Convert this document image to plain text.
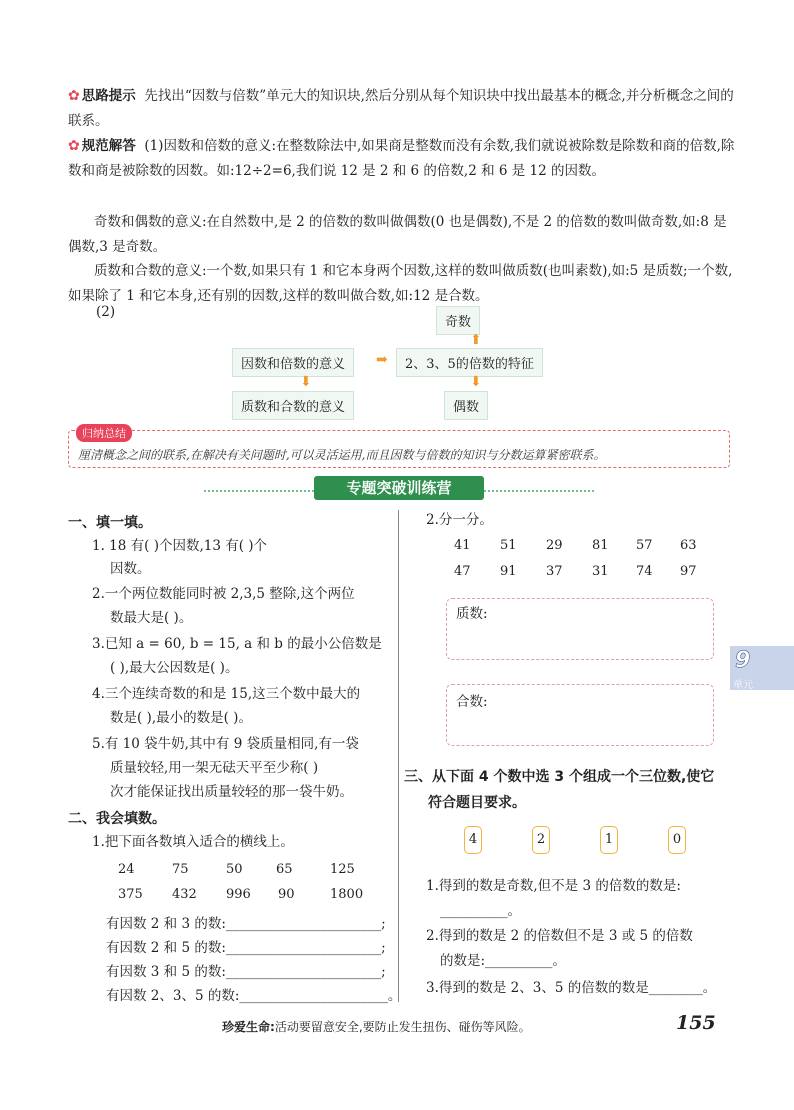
✿ 思路提示 先找出“因数与倍数”单元大的知识块,然后分别从每个知识块中找出最基本的概念,并分析概念之间的联系。
✿ 规范解答 (1)因数和倍数的意义:在整数除法中,如果商是整数而没有余数,我们就说被除数是除数和商的倍数,除数和商是被除数的因数。如:12÷2=6,我们说 12 是 2 和 6 的倍数,2 和 6 是 12 的因数。
奇数和偶数的意义:在自然数中,是 2 的倍数的数叫做偶数(0 也是偶数),不是 2 的倍数的数叫做奇数,如:8 是偶数,3 是奇数。
质数和合数的意义:一个数,如果只有 1 和它本身两个因数,这样的数叫做质数(也叫素数),如:5 是质数;一个数,如果除了 1 和它本身,还有别的因数,这样的数叫做合数,如:12 是合数。
(2)
奇数
⬆
因数和倍数的意义	➡	2、3、5的倍数的特征
⬇	⬇
质数和合数的意义	偶数
归纳总结
厘清概念之间的联系,在解决有关问题时,可以灵活运用,而且因数与倍数的知识与分数运算紧密联系。
专题突破训练营
一、填一填。
1. 18 有( )个因数,13 有( )个
因数。
2.一个两位数能同时被 2,3,5 整除,这个两位
数最大是( )。
3.已知 a = 60, b = 15, a 和 b 的最小公倍数是
( ),最大公因数是( )。
4.三个连续奇数的和是 15,这三个数中最大的
数是( ),最小的数是( )。
5.有 10 袋牛奶,其中有 9 袋质量相同,有一袋
质量较轻,用一架无砝天平至少称( )
次才能保证找出质量较轻的那一袋牛奶。
二、我会填数。
1.把下面各数填入适合的横线上。
24	75	50	65	125
375 432 996 90	1800
有因数 2 和 3 的数:_______________________;
有因数 2 和 5 的数:_______________________;
有因数 3 和 5 的数:_______________________;
有因数 2、3、5 的数:______________________。
2.分一分。
41 51 29 81 57 63
47 91 37 31 74 97
质数:
合数:
三、从下面 4 个数中选 3 个组成一个三位数,使它
符合题目要求。
4	2	1	0
1.得到的数是奇数,但不是 3 的倍数的数是:
__________。
2.得到的数是 2 的倍数但不是 3 或 5 的倍数
的数是:__________。
3.得到的数是 2、3、5 的倍数的数是________。
9
单元
珍爱生命:活动要留意安全,要防止发生扭伤、碰伤等风险。	155
